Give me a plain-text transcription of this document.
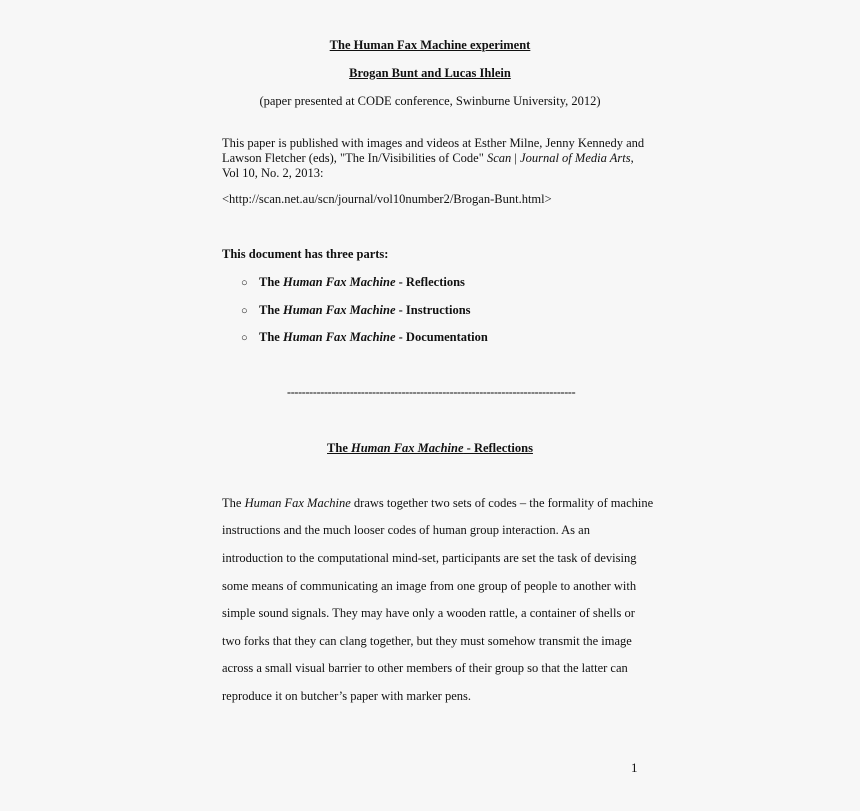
The Human Fax Machine experiment
Brogan Bunt and Lucas Ihlein
(paper presented at CODE conference, Swinburne University, 2012)
This paper is published with images and videos at Esther Milne, Jenny Kennedy and
Lawson Fletcher (eds), "The In/Visibilities of Code" Scan | Journal of Media Arts,
Vol 10, No. 2, 2013:
<http://scan.net.au/scn/journal/vol10number2/Brogan-Bunt.html>
This document has three parts:
○ The Human Fax Machine - Reflections
○ The Human Fax Machine - Instructions
○ The Human Fax Machine - Documentation
------------------------------------------------------------------------------
The Human Fax Machine - Reflections
The Human Fax Machine draws together two sets of codes – the formality of machine
instructions and the much looser codes of human group interaction. As an
introduction to the computational mind-set, participants are set the task of devising
some means of communicating an image from one group of people to another with
simple sound signals. They may have only a wooden rattle, a container of shells or
two forks that they can clang together, but they must somehow transmit the image
across a small visual barrier to other members of their group so that the latter can
reproduce it on butcher’s paper with marker pens.
1
